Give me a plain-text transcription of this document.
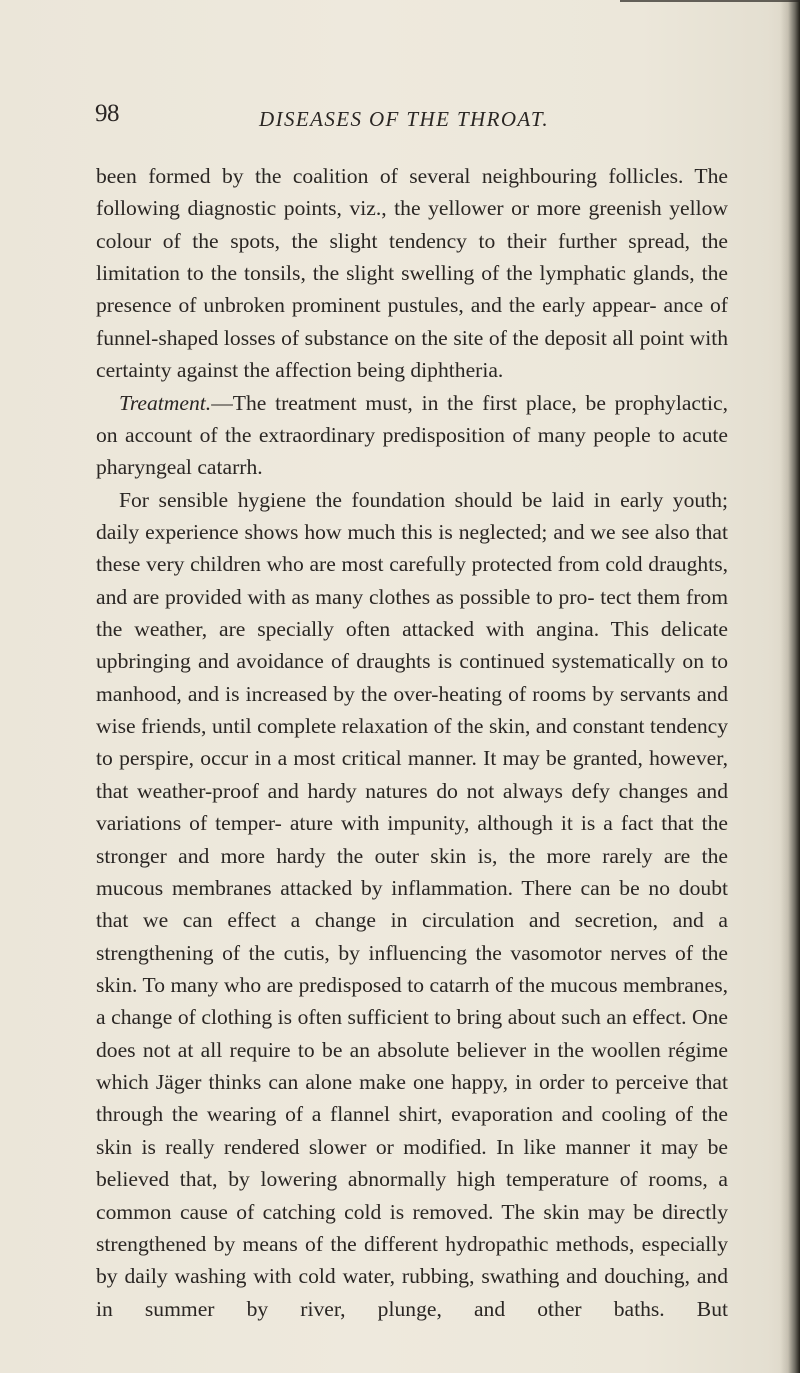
98	DISEASES OF THE THROAT.

been formed by the coalition of several neighbouring follicles. The following diagnostic points, viz., the yellower or more greenish yellow colour of the spots, the slight tendency to their further spread, the limitation to the tonsils, the slight swelling of the lymphatic glands, the presence of unbroken prominent pustules, and the early appear- ance of funnel-shaped losses of substance on the site of the deposit all point with certainty against the affection being diphtheria.

Treatment.—The treatment must, in the first place, be prophylactic, on account of the extraordinary predisposition of many people to acute pharyngeal catarrh.

For sensible hygiene the foundation should be laid in early youth; daily experience shows how much this is neglected; and we see also that these very children who are most carefully protected from cold draughts, and are provided with as many clothes as possible to pro- tect them from the weather, are specially often attacked with angina. This delicate upbringing and avoidance of draughts is continued systematically on to manhood, and is increased by the over-heating of rooms by servants and wise friends, until complete relaxation of the skin, and constant tendency to perspire, occur in a most critical manner. It may be granted, however, that weather-proof and hardy natures do not always defy changes and variations of temper- ature with impunity, although it is a fact that the stronger and more hardy the outer skin is, the more rarely are the mucous membranes attacked by inflammation. There can be no doubt that we can effect a change in circulation and secretion, and a strengthening of the cutis, by influencing the vasomotor nerves of the skin. To many who are predisposed to catarrh of the mucous membranes, a change of clothing is often sufficient to bring about such an effect. One does not at all require to be an absolute believer in the woollen régime which Jäger thinks can alone make one happy, in order to perceive that through the wearing of a flannel shirt, evaporation and cooling of the skin is really rendered slower or modified. In like manner it may be believed that, by lowering abnormally high temperature of rooms, a common cause of catching cold is removed. The skin may be directly strengthened by means of the different hydropathic methods, especially by daily washing with cold water, rubbing, swathing and douching, and in summer by river, plunge, and other baths. But
